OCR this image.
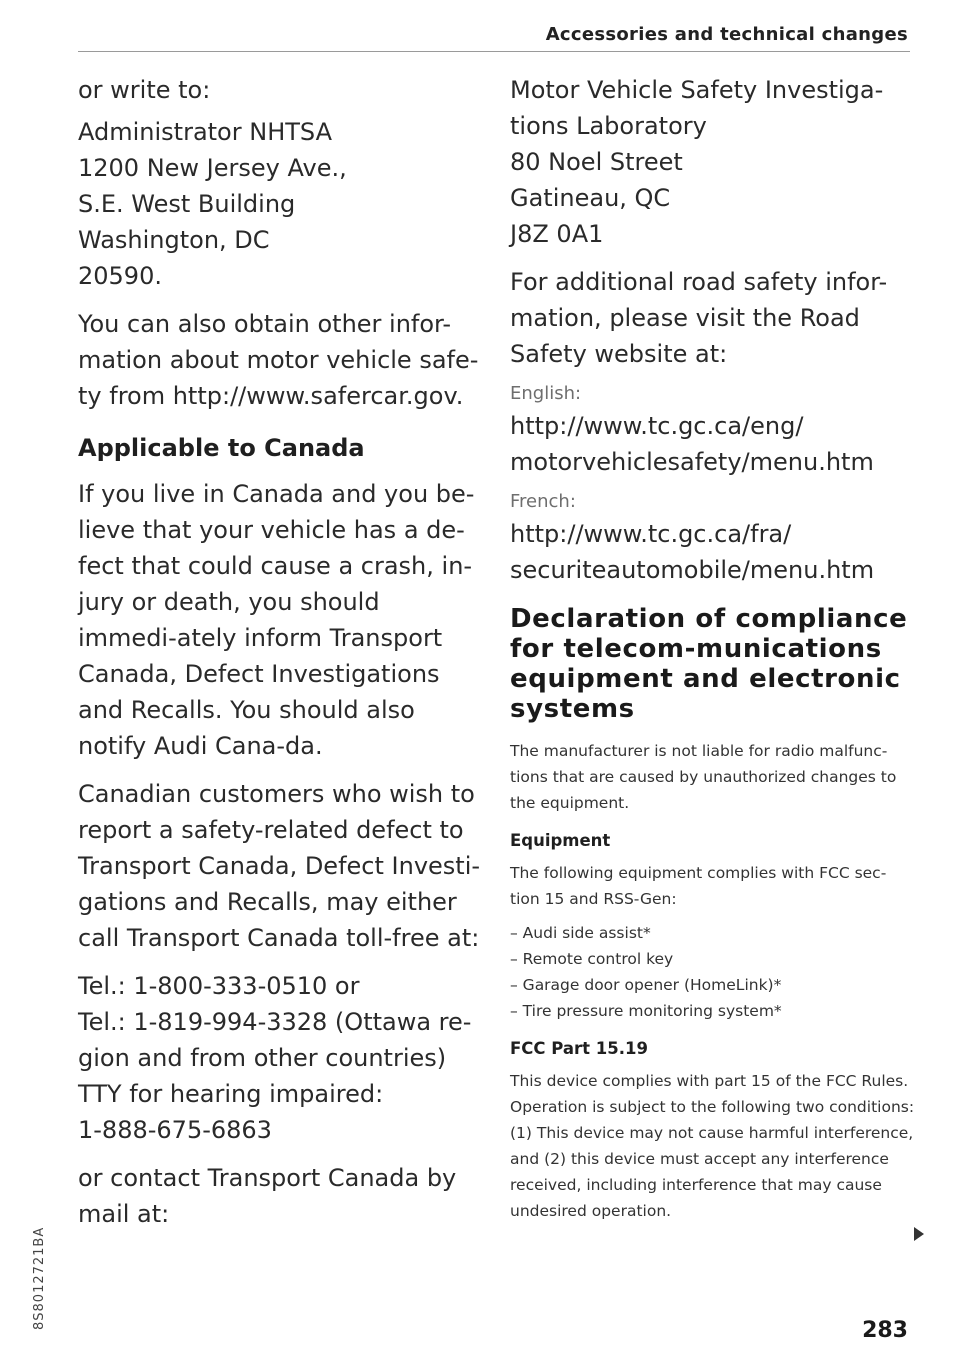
Accessories and technical changes

or write to:

Administrator NHTSA

1200 New Jersey Ave.,

S.E. West Building

Washington, DC

20590.

You can also obtain other infor-mation about motor vehicle safe-ty from http://www.safercar.gov.

Applicable to Canada

If you live in Canada and you be-lieve that your vehicle has a de-fect that could cause a crash, in-jury or death, you should immedi-ately inform Transport Canada, Defect Investigations and Recalls. You should also notify Audi Cana-da.

Canadian customers who wish to report a safety-related defect to Transport Canada, Defect Investi-gations and Recalls, may either call Transport Canada toll-free at:

Tel.: 1-800-333-0510 or

Tel.: 1-819-994-3328 (Ottawa re-gion and from other countries)

TTY for hearing impaired:

1-888-675-6863

or contact Transport Canada by mail at:

Motor Vehicle Safety Investiga-tions Laboratory

80 Noel Street

Gatineau, QC

J8Z 0A1

For additional road safety infor-mation, please visit the Road Safety website at:

English:

http://www.tc.gc.ca/eng/ motorvehiclesafety/menu.htm

French:

http://www.tc.gc.ca/fra/ securiteautomobile/menu.htm

Declaration of compliance for telecom-munications equipment and electronic systems

The manufacturer is not liable for radio malfunc-tions that are caused by unauthorized changes to the equipment.

Equipment

The following equipment complies with FCC sec-tion 15 and RSS-Gen:

– Audi side assist*
– Remote control key
– Garage door opener (HomeLink)*
– Tire pressure monitoring system*
FCC Part 15.19

This device complies with part 15 of the FCC Rules. Operation is subject to the following two conditions: (1) This device may not cause harmful interference, and (2) this device must accept any interference received, including interference that may cause undesired operation.

283
8S8012721BA
